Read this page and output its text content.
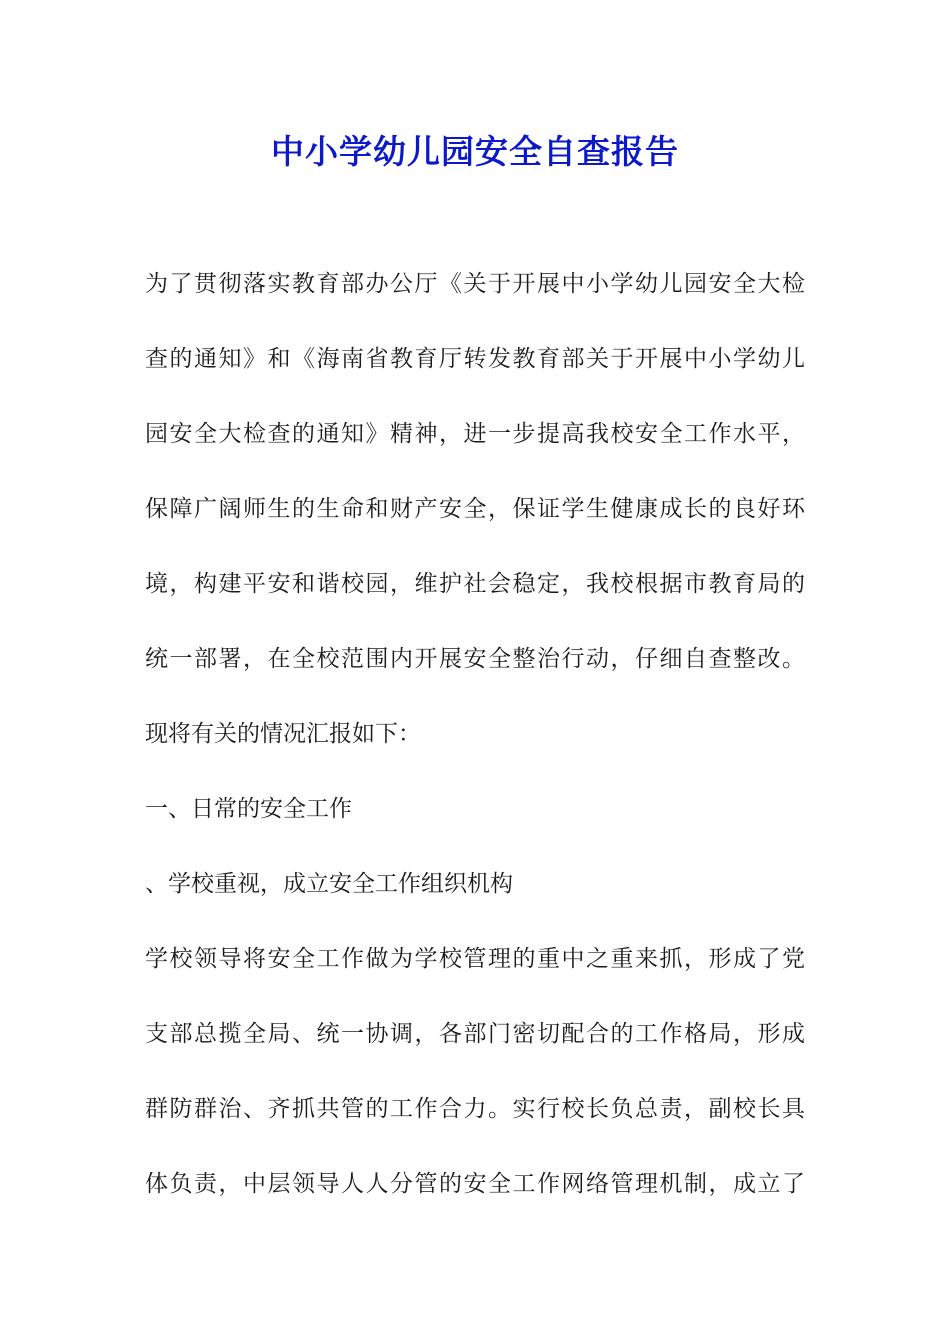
中小学幼儿园安全自查报告

为了贯彻落实教育部办公厅《关于开展中小学幼儿园安全大检

查的通知》和《海南省教育厅转发教育部关于开展中小学幼儿

园安全大检查的通知》精神，进一步提高我校安全工作水平，

保障广阔师生的生命和财产安全，保证学生健康成长的良好环

境，构建平安和谐校园，维护社会稳定，我校根据市教育局的

统一部署，在全校范围内开展安全整治行动，仔细自查整改。

现将有关的情况汇报如下：

一、日常的安全工作

、学校重视，成立安全工作组织机构

学校领导将安全工作做为学校管理的重中之重来抓，形成了党

支部总揽全局、统一协调，各部门密切配合的工作格局，形成

群防群治、齐抓共管的工作合力。实行校长负总责，副校长具

体负责，中层领导人人分管的安全工作网络管理机制，成立了
